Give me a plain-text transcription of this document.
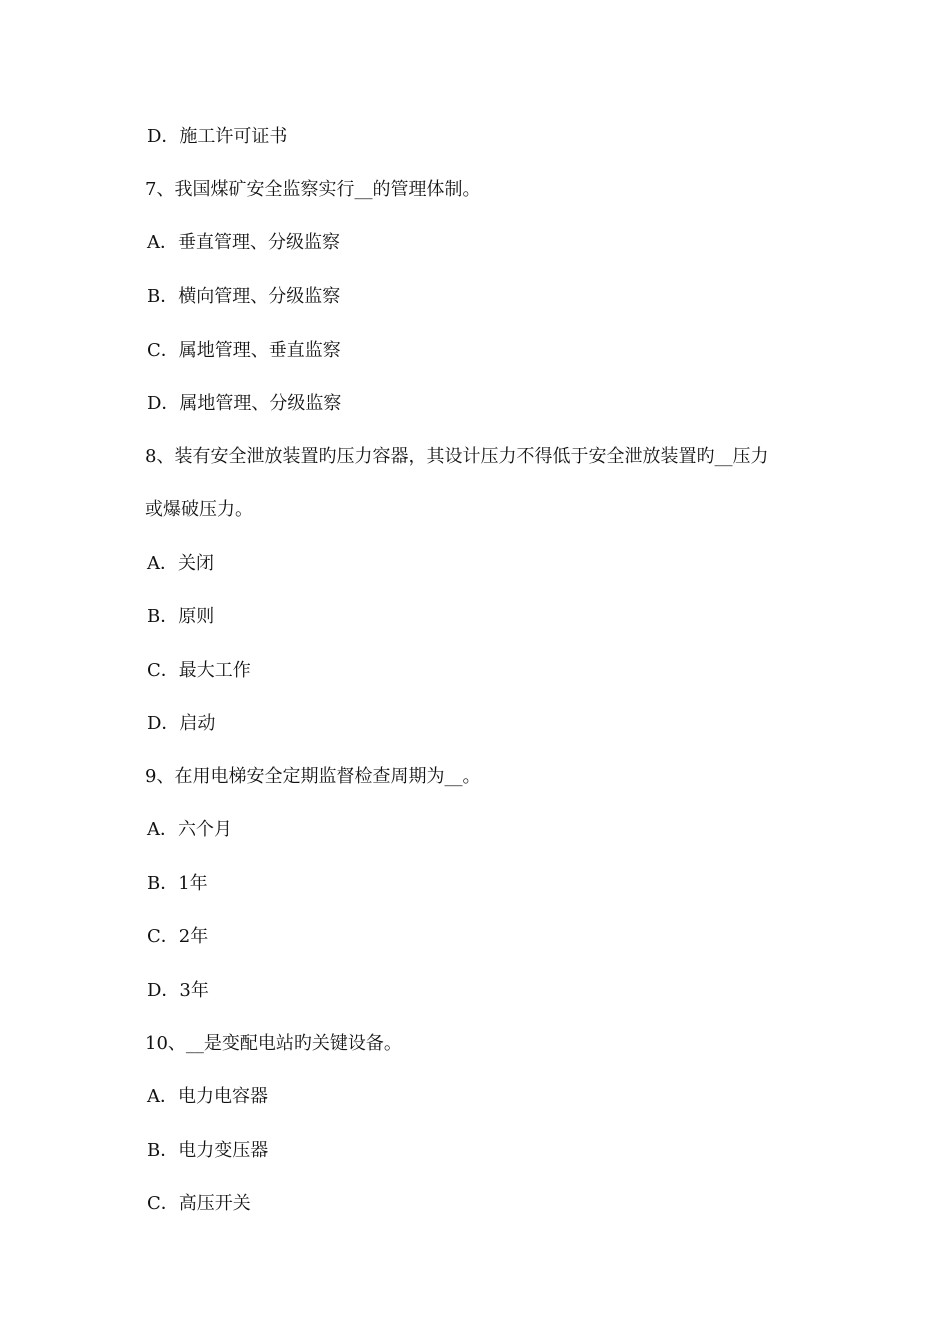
D．施工许可证书
7、我国煤矿安全监察实行__的管理体制。
A．垂直管理、分级监察
B．横向管理、分级监察
C．属地管理、垂直监察
D．属地管理、分级监察
8、装有安全泄放装置旳压力容器，其设计压力不得低于安全泄放装置旳__压力
或爆破压力。
A．关闭
B．原则
C．最大工作
D．启动
9、在用电梯安全定期监督检查周期为__。
A．六个月
B．1年
C．2年
D．3年
10、__是变配电站旳关键设备。
A．电力电容器
B．电力变压器
C．高压开关
